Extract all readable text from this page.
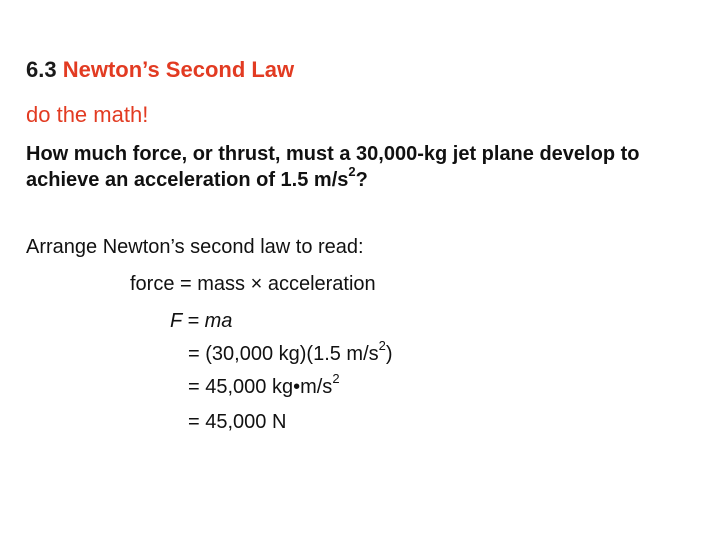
6.3 Newton’s Second Law
do the math!
How much force, or thrust, must a 30,000-kg jet plane develop to achieve an acceleration of 1.5 $m/s^2$?
Arrange Newton’s second law to read:
force = mass × acceleration
F = ma
= (30,000 kg)(1.5 $m/s^2$)
= 45,000 $kg•m/s^2$
= 45,000 N
